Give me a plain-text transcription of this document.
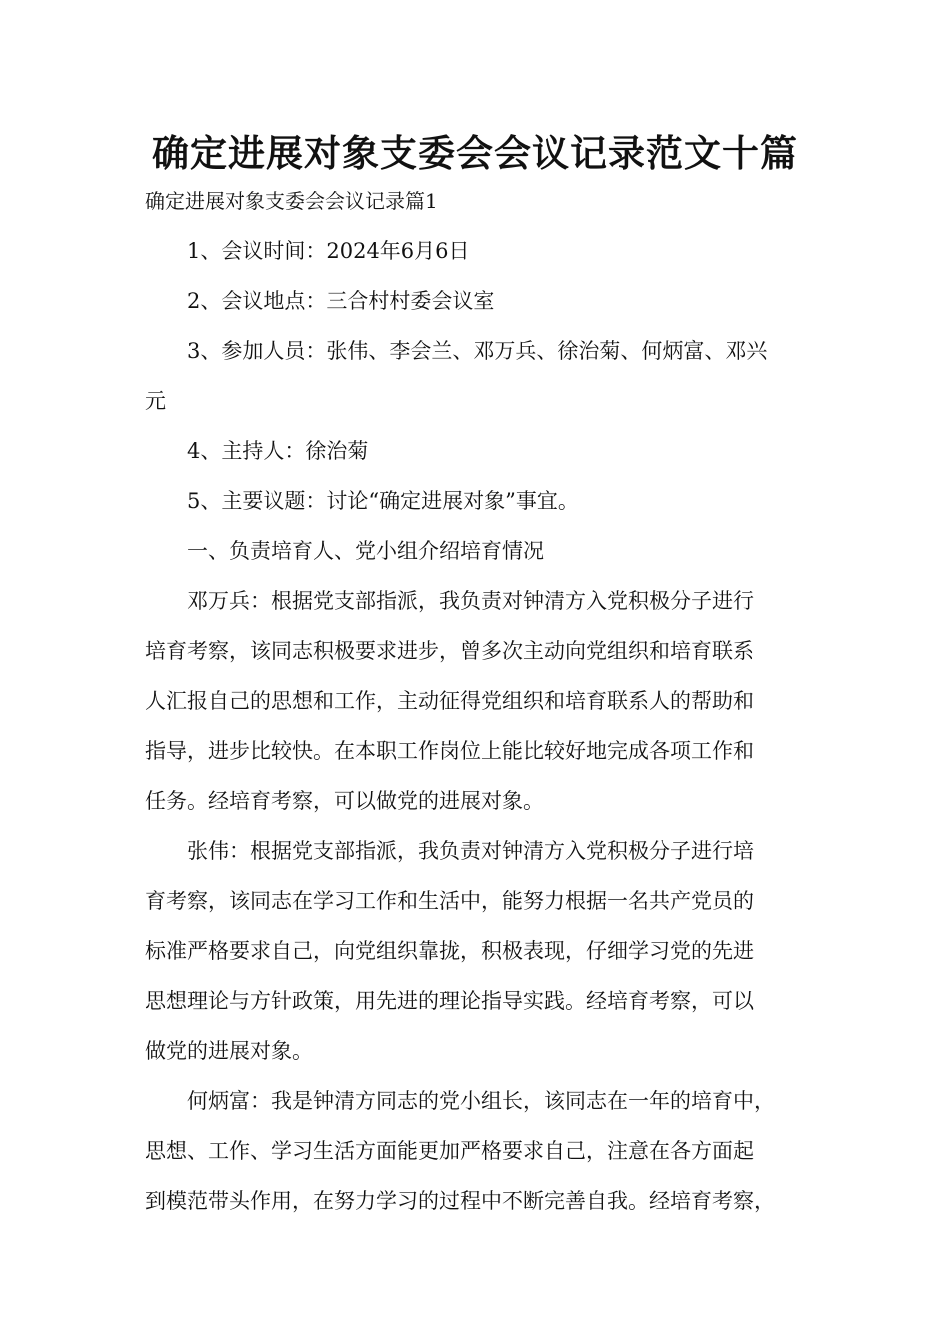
确定进展对象支委会会议记录范文十篇
确定进展对象支委会会议记录篇1

1、会议时间：2024年6月6日

2、会议地点：三合村村委会议室

3、参加人员：张伟、李会兰、邓万兵、徐治菊、何炳富、邓兴
元

4、主持人：徐治菊

5、主要议题：讨论“确定进展对象”事宜。

一、负责培育人、党小组介绍培育情况

邓万兵：根据党支部指派，我负责对钟清方入党积极分子进行
培育考察，该同志积极要求进步，曾多次主动向党组织和培育联系
人汇报自己的思想和工作，主动征得党组织和培育联系人的帮助和
指导，进步比较快。在本职工作岗位上能比较好地完成各项工作和
任务。经培育考察，可以做党的进展对象。

张伟：根据党支部指派，我负责对钟清方入党积极分子进行培
育考察，该同志在学习工作和生活中，能努力根据一名共产党员的
标准严格要求自己，向党组织靠拢，积极表现，仔细学习党的先进
思想理论与方针政策，用先进的理论指导实践。经培育考察，可以
做党的进展对象。

何炳富：我是钟清方同志的党小组长，该同志在一年的培育中，
思想、工作、学习生活方面能更加严格要求自己，注意在各方面起
到模范带头作用，在努力学习的过程中不断完善自我。经培育考察，
